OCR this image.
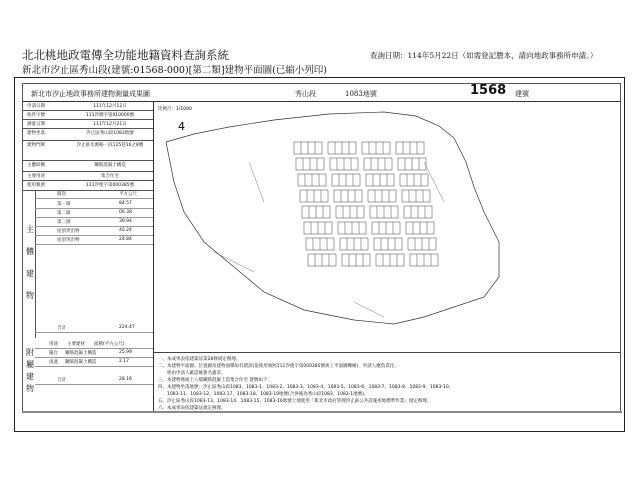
北北桃地政電傳全功能地籍資料查詢系統
新北市汐止區秀山段(建號:01568-000)[第二類]建物平面圖(已縮小列印)
查詢日期：114年5月22日（如需登記謄本，請向地政事務所申請。）
新北市汐止地政事務所建物測量成果圖	秀山段	1083地號	1568 建號
主體建物
附屬建物
申請日期	111年12月12日
收件字號	111汐測字第010000號
測量日期	111年12月21日
建物坐落	汐止區秀山段1083地號
建物門牌	汐止區水源路一段125巷16之8號
主體結構	鋼筋混凝土構造
主要用途	集合住宅
使用執照	111汐使字第000385號
層次	平方公尺
第一層	84.57
第二層	06.38
第三層	39.94
屋頂突出物	40.24
屋頂突出物	24.84
合計	224.47
用途　　主要建材　　面積(平方公尺)
陽台 鋼筋混凝土構造	25.99
雨遮 鋼筋混凝土構造	2.17
合計	28.16
比例尺：1/1000
4
一、本成果表依建築法第28條規定辦理。
二、本建物平面圖、位置圖及建物面積如有錯誤(依使用執照111汐使字第000385號竣工平面圖轉繪)，申請人應負責任。
　　經由申請人確認後簽名蓋章。
三、本建物係地上八層鋼筋混凝土造集合住宅 建號如下：
四、本建物坐落地號：汐止區秀山段1083、1083-1、1083-2、1083-3、1083-4、1083-5、1083-6、1083-7、1083-8、1083-9、1083-10、
　　1083-11、1083-12、1083-17、1083-18、1083-19地號(合併後為秀山段1083、1083-1地號)。
五、汐止區秀山段1083-13、1083-14、1083-15、1083-16地號土地使用「新北市政府管理汐止區公共設施用地標準作業」規定辦理。
六、本成果表依建築法規定辦理。
